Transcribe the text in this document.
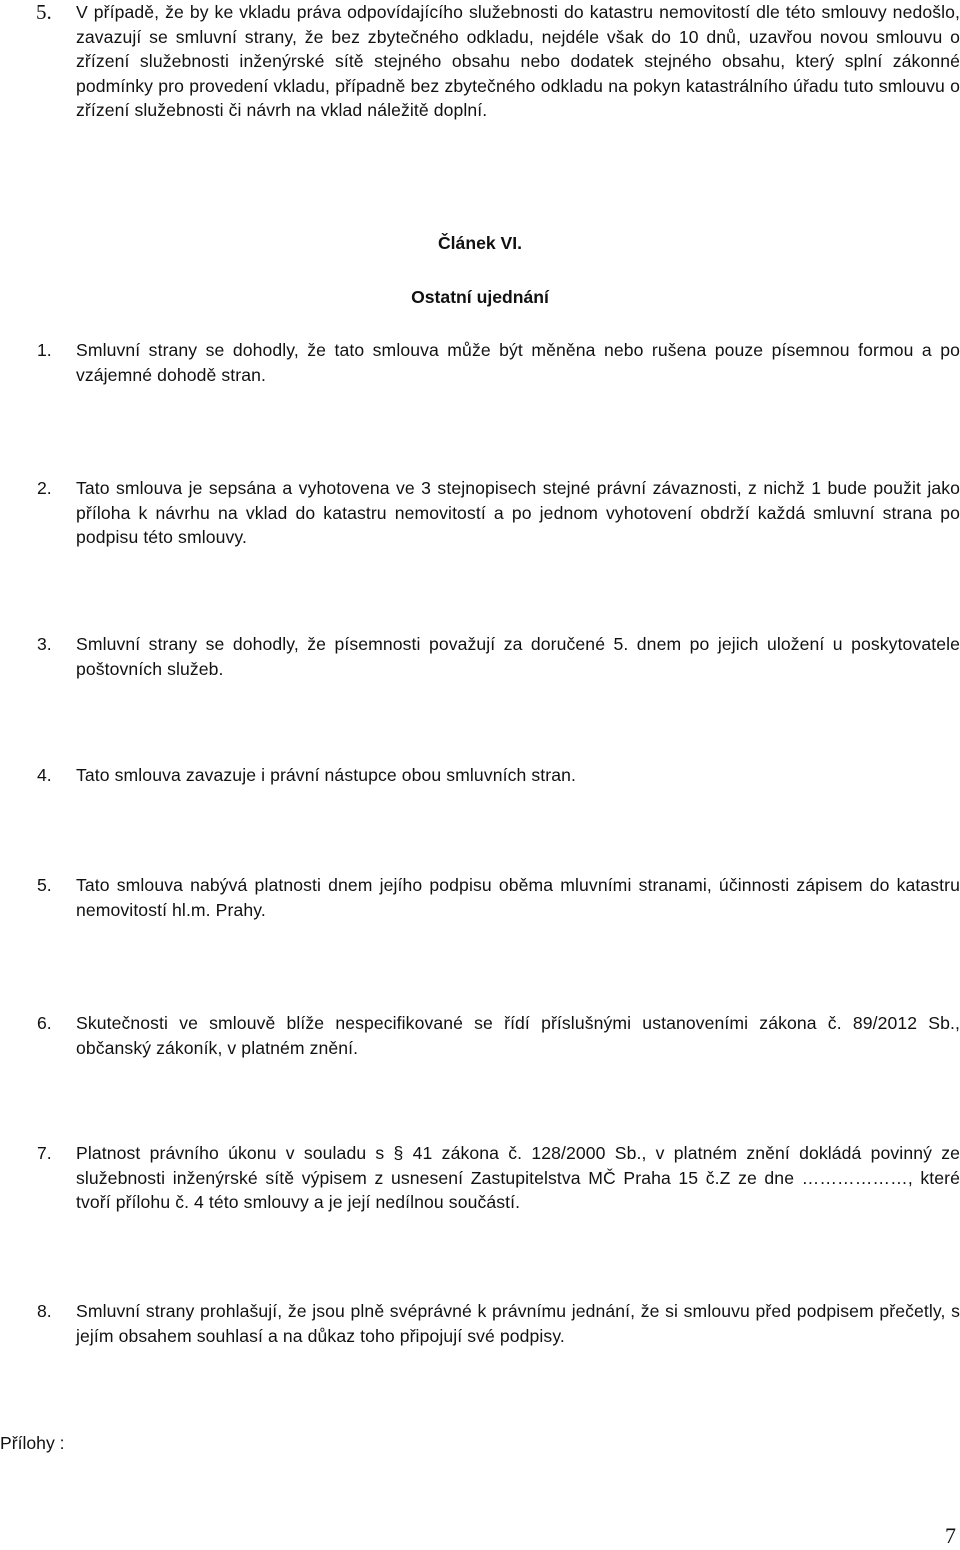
5. V případě, že by ke vkladu práva odpovídajícího služebnosti do katastru nemovitostí dle této smlouvy nedošlo, zavazují se smluvní strany, že bez zbytečného odkladu, nejdéle však do 10 dnů, uzavřou novou smlouvu o zřízení služebnosti inženýrské sítě stejného obsahu nebo dodatek stejného obsahu, který splní zákonné podmínky pro provedení vkladu, případně bez zbytečného odkladu na pokyn katastrálního úřadu tuto smlouvu o zřízení služebnosti či návrh na vklad náležitě doplní.
Článek VI.
Ostatní ujednání
1. Smluvní strany se dohodly, že tato smlouva může být měněna nebo rušena pouze písemnou formou a po vzájemné dohodě stran.
2. Tato smlouva je sepsána a vyhotovena ve 3 stejnopisech stejné právní závaznosti, z nichž 1 bude použit jako příloha k návrhu na vklad do katastru nemovitostí a po jednom vyhotovení obdrží každá smluvní strana po podpisu této smlouvy.
3. Smluvní strany se dohodly, že písemnosti považují za doručené 5. dnem po jejich uložení u poskytovatele poštovních služeb.
4. Tato smlouva zavazuje i právní nástupce obou smluvních stran.
5. Tato smlouva nabývá platnosti dnem jejího podpisu oběma mluvními stranami, účinnosti zápisem do katastru nemovitostí hl.m. Prahy.
6. Skutečnosti ve smlouvě blíže nespecifikované se řídí příslušnými ustanoveními zákona č. 89/2012 Sb., občanský zákoník, v platném znění.
7. Platnost právního úkonu v souladu s § 41 zákona č. 128/2000 Sb., v platném znění dokládá povinný ze služebnosti inženýrské sítě výpisem z usnesení Zastupitelstva MČ Praha 15 č.Z ze dne ………………, které tvoří přílohu č. 4 této smlouvy a je její nedílnou součástí.
8. Smluvní strany prohlašují, že jsou plně svéprávné k právnímu jednání, že si smlouvu před podpisem přečetly, s jejím obsahem souhlasí a na důkaz toho připojují své podpisy.
Přílohy :
7
